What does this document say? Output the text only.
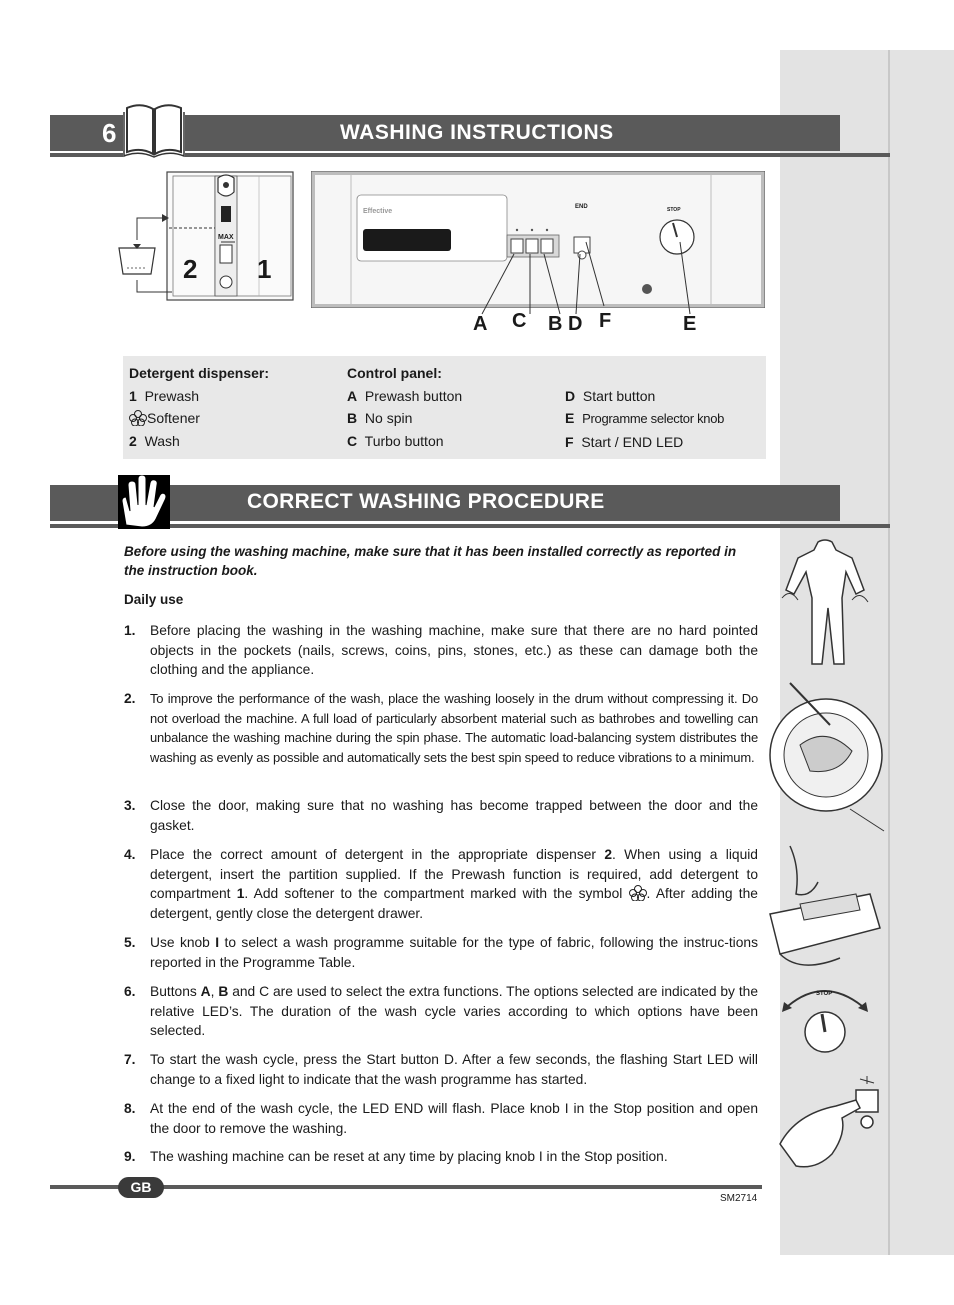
WASHING INSTRUCTIONS
6
2 1
MAX
Effective
END	STOP
A C B D F	E
Detergent dispenser:
1 Prewash
Softener
2 Wash
Control panel:
A Prewash button
B No spin
C Turbo button
D Start button
E Programme selector knob
F Start / END LED
CORRECT WASHING PROCEDURE
Before using the washing machine, make sure that it has been installed correctly as reported in the instruction book.
Daily use
1.	Before placing the washing in the washing machine, make sure that there are no hard pointed objects in the pockets (nails, screws, coins, pins, stones, etc.) as these can damage both the clothing and the appliance.
2.	To improve the performance of the wash, place the washing loosely in the drum without compressing it. Do not overload the machine. A full load of particularly absorbent material such as bathrobes and towelling can unbalance the washing machine during the spin phase. The automatic load-balancing system distributes the washing as evenly as possible and automatically sets the best spin speed to reduce vibrations to a minimum.
3.	Close the door, making sure that no washing has become trapped between the door and the gasket.
4.	Place the correct amount of detergent in the appropriate dispenser 2. When using a liquid detergent, insert the partition supplied. If the Prewash function is required, add detergent to compartment 1. Add softener to the compartment marked with the symbol . After adding the detergent, gently close the detergent drawer.
5.	Use knob I to select a wash programme suitable for the type of fabric, following the instruc-tions reported in the Programme Table.
6.	Buttons A, B and C are used to select the extra functions. The options selected are indicated by the relative LED’s. The duration of the wash cycle varies according to which options have been selected.
7.	To start the wash cycle, press the Start button D. After a few seconds, the flashing Start LED will change to a fixed light to indicate that the wash programme has started.
8.	At the end of the wash cycle, the LED END will flash. Place knob I in the Stop position and open the door to remove the washing.
9.	The washing machine can be reset at any time by placing knob I in the Stop position.
STOP
GB
SM2714
